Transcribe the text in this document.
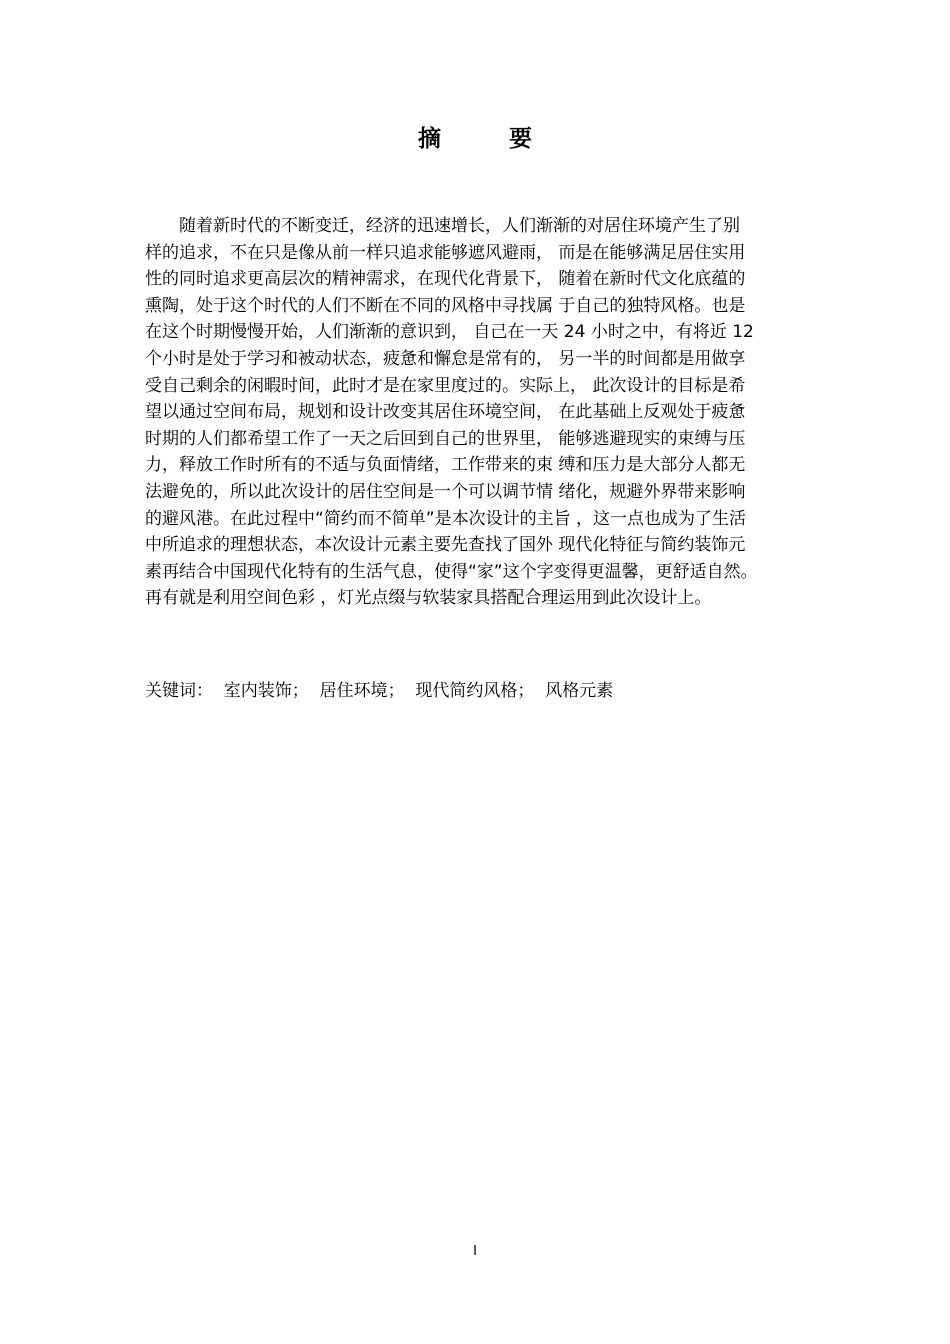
摘 要
　　随着新时代的不断变迁，经济的迅速增长，人们渐渐的对居住环境产生了别
样的追求，不在只是像从前一样只追求能够遮风避雨， 而是在能够满足居住实用
性的同时追求更高层次的精神需求，在现代化背景下， 随着在新时代文化底蕴的
熏陶，处于这个时代的人们不断在不同的风格中寻找属 于自己的独特风格。也是
在这个时期慢慢开始，人们渐渐的意识到， 自己在一天 24 小时之中，有将近 12
个小时是处于学习和被动状态，疲惫和懈怠是常有的， 另一半的时间都是用做享
受自己剩余的闲暇时间，此时才是在家里度过的。实际上， 此次设计的目标是希
望以通过空间布局，规划和设计改变其居住环境空间， 在此基础上反观处于疲惫
时期的人们都希望工作了一天之后回到自己的世界里， 能够逃避现实的束缚与压
力，释放工作时所有的不适与负面情绪，工作带来的束 缚和压力是大部分人都无
法避免的，所以此次设计的居住空间是一个可以调节情 绪化，规避外界带来影响
的避风港。在此过程中“简约而不简单”是本次设计的主旨 ，这一点也成为了生活
中所追求的理想状态，本次设计元素主要先查找了国外 现代化特征与简约装饰元
素再结合中国现代化特有的生活气息，使得“家”这个字变得更温馨，更舒适自然。
再有就是利用空间色彩 ，灯光点缀与软装家具搭配合理运用到此次设计上。
关键词：  室内装饰；  居住环境；  现代简约风格；  风格元素
I
